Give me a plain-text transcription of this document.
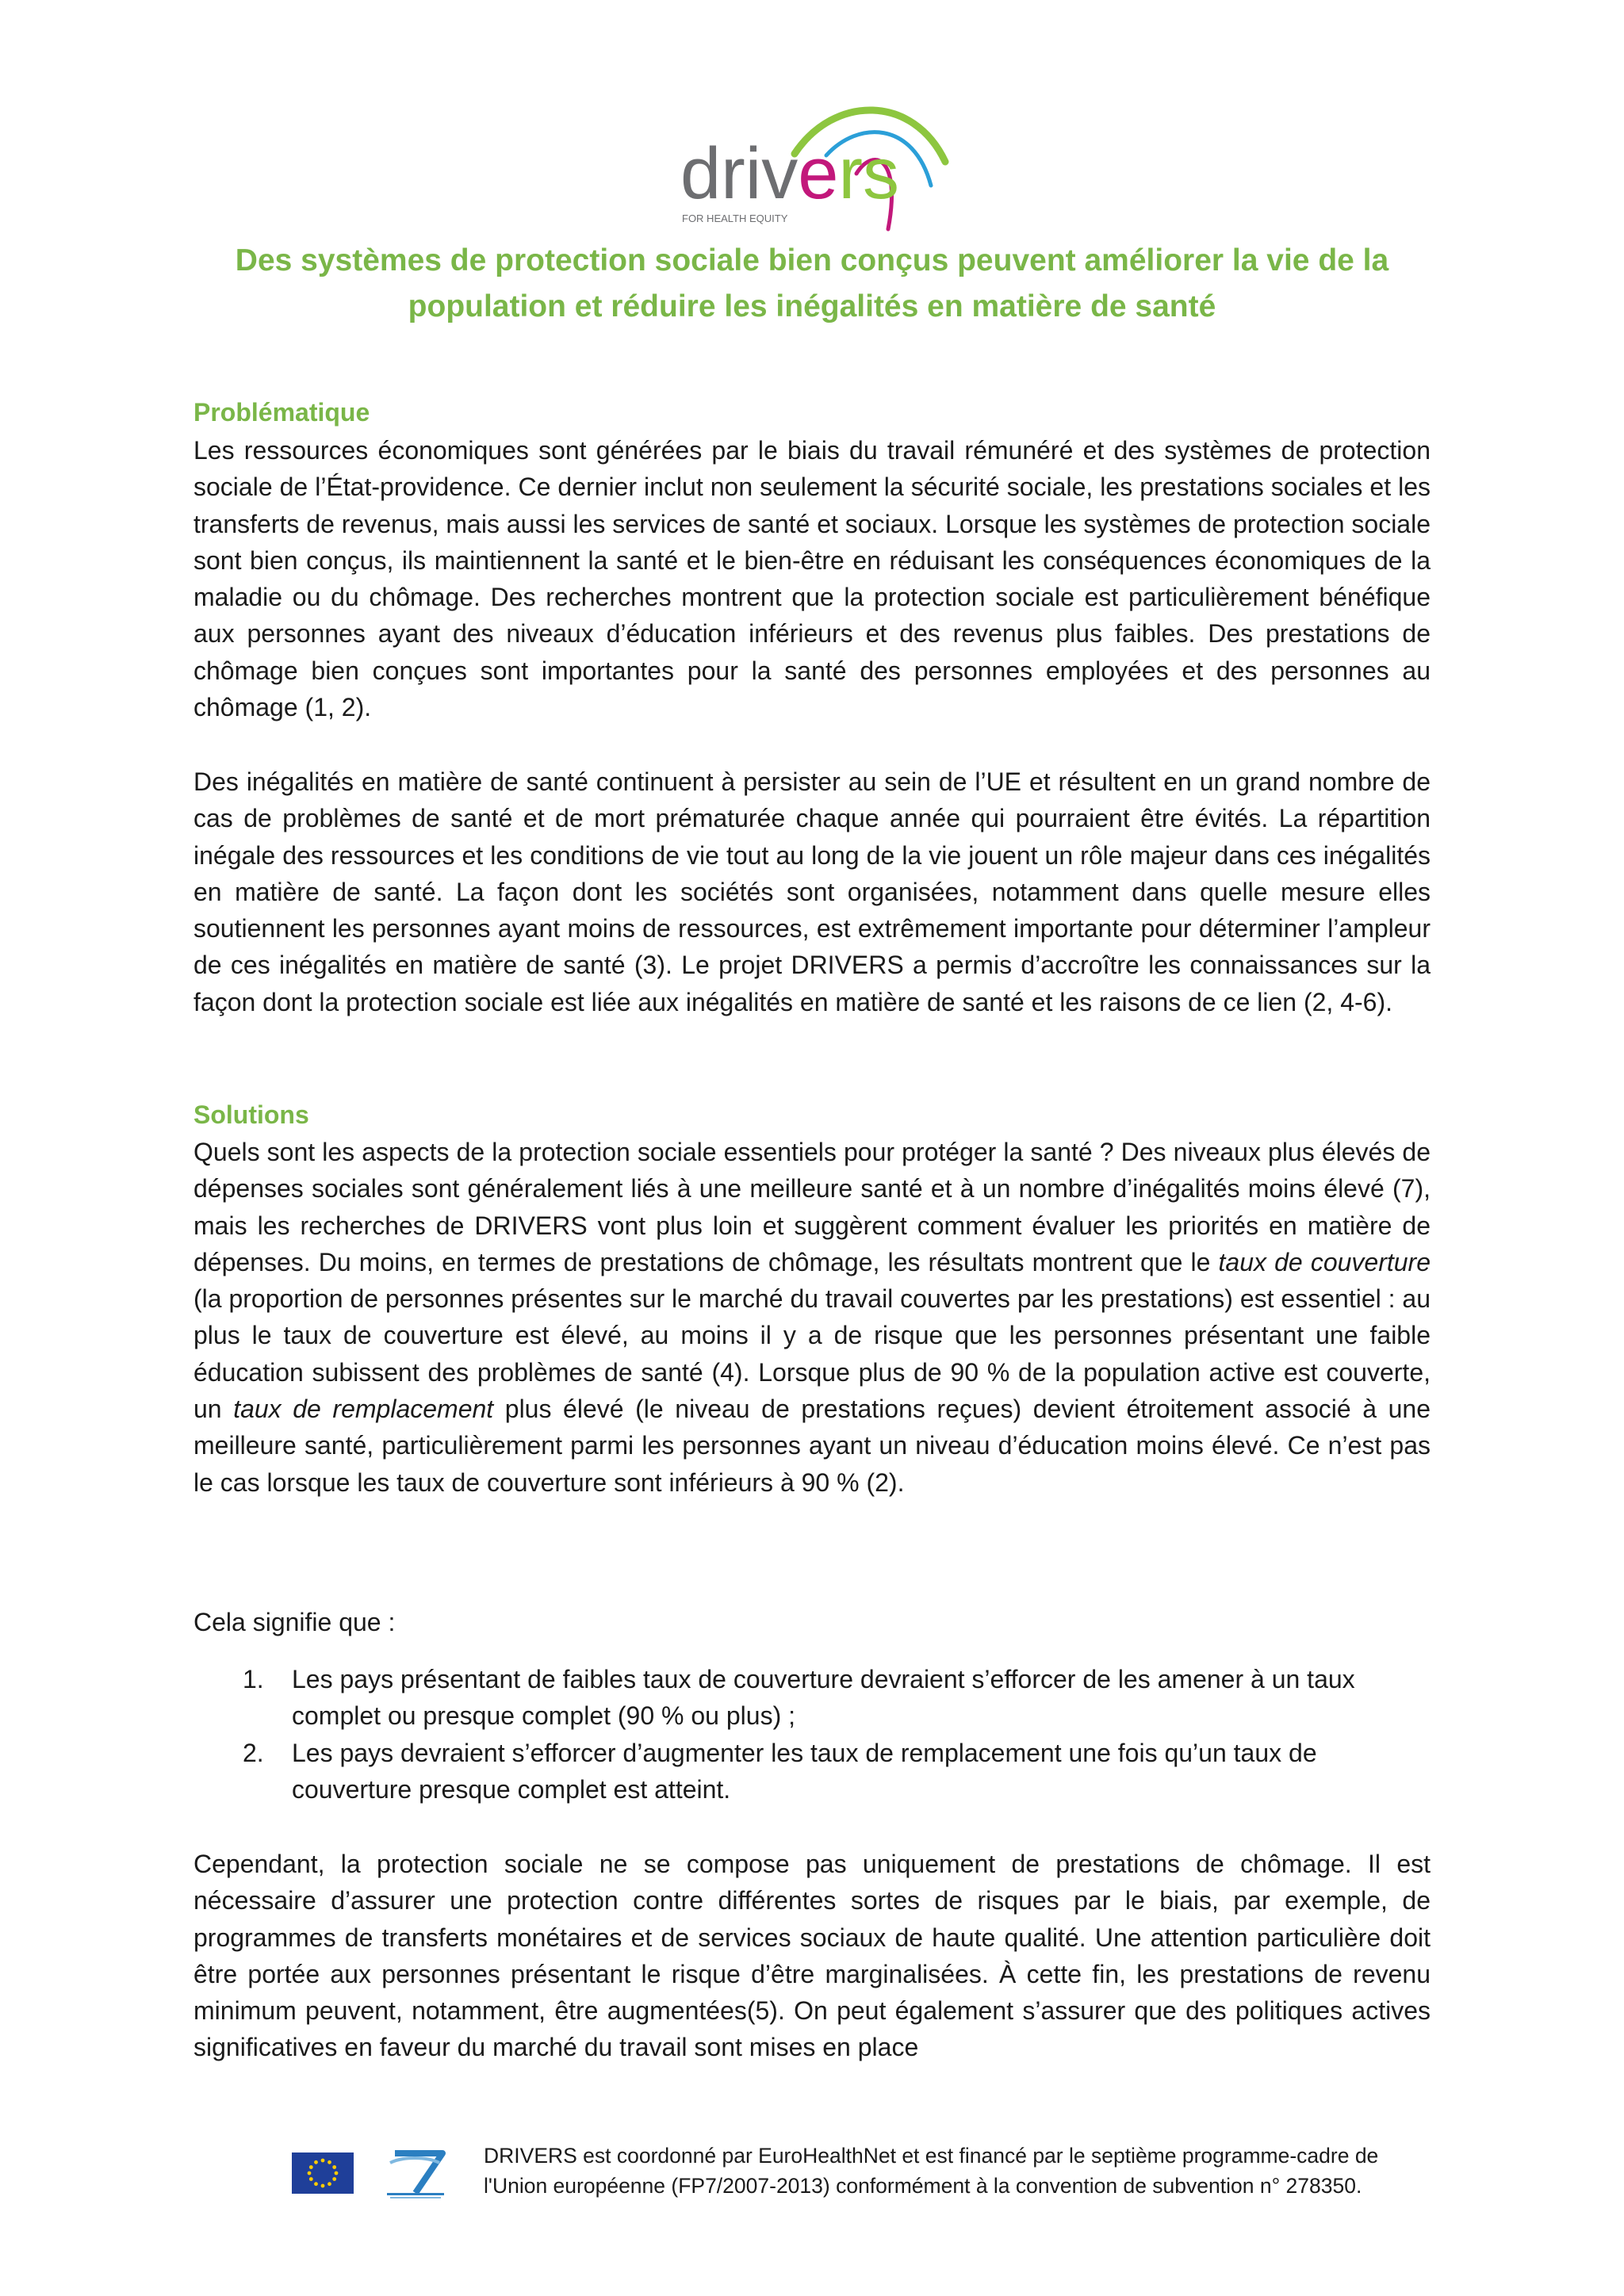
drivers
FOR HEALTH EQUITY
Des systèmes de protection sociale bien conçus peuvent améliorer la vie de la population et réduire les inégalités en matière de santé
Problématique
Les ressources économiques sont générées par le biais du travail rémunéré et des systèmes de protection sociale de l’État-providence. Ce dernier inclut non seulement la sécurité sociale, les prestations sociales et les transferts de revenus, mais aussi les services de santé et sociaux. Lorsque les systèmes de protection sociale sont bien conçus, ils maintiennent la santé et le bien-être en réduisant les conséquences économiques de la maladie ou du chômage. Des recherches montrent que la protection sociale est particulièrement bénéfique aux personnes ayant des niveaux d’éducation inférieurs et des revenus plus faibles. Des prestations de chômage bien conçues sont importantes pour la santé des personnes employées et des personnes au chômage (1, 2).
Des inégalités en matière de santé continuent à persister au sein de l’UE et résultent en un grand nombre de cas de problèmes de santé et de mort prématurée chaque année qui pourraient être évités. La répartition inégale des ressources et les conditions de vie tout au long de la vie jouent un rôle majeur dans ces inégalités en matière de santé. La façon dont les sociétés sont organisées, notamment dans quelle mesure elles soutiennent les personnes ayant moins de ressources, est extrêmement importante pour déterminer l’ampleur de ces inégalités en matière de santé (3). Le projet DRIVERS a permis d’accroître les connaissances sur la façon dont la protection sociale est liée aux inégalités en matière de santé et les raisons de ce lien (2, 4-6).
Solutions
Quels sont les aspects de la protection sociale essentiels pour protéger la santé ? Des niveaux plus élevés de dépenses sociales sont généralement liés à une meilleure santé et à un nombre d’inégalités moins élevé (7), mais les recherches de DRIVERS vont plus loin et suggèrent comment évaluer les priorités en matière de dépenses. Du moins, en termes de prestations de chômage, les résultats montrent que le taux de couverture (la proportion de personnes présentes sur le marché du travail couvertes par les prestations) est essentiel : au plus le taux de couverture est élevé, au moins il y a de risque que les personnes présentant une faible éducation subissent des problèmes de santé (4). Lorsque plus de 90 % de la population active est couverte, un taux de remplacement plus élevé (le niveau de prestations reçues) devient étroitement associé à une meilleure santé, particulièrement parmi les personnes ayant un niveau d’éducation moins élevé. Ce n’est pas le cas lorsque les taux de couverture sont inférieurs à 90 % (2).
Cela signifie que :
1. Les pays présentant de faibles taux de couverture devraient s’efforcer de les amener à un taux complet ou presque complet (90 % ou plus) ;
2. Les pays devraient s’efforcer d’augmenter les taux de remplacement une fois qu’un taux de couverture presque complet est atteint.
Cependant, la protection sociale ne se compose pas uniquement de prestations de chômage. Il est nécessaire d’assurer une protection contre différentes sortes de risques par le biais, par exemple, de programmes de transferts monétaires et de services sociaux de haute qualité. Une attention particulière doit être portée aux personnes présentant le risque d’être marginalisées. À cette fin, les prestations de revenu minimum peuvent, notamment, être augmentées(5). On peut également s’assurer que des politiques actives significatives en faveur du marché du travail sont mises en place
DRIVERS est coordonné par EuroHealthNet et est financé par le septième programme-cadre de l'Union européenne (FP7/2007-2013) conformément à la convention de subvention n° 278350.
